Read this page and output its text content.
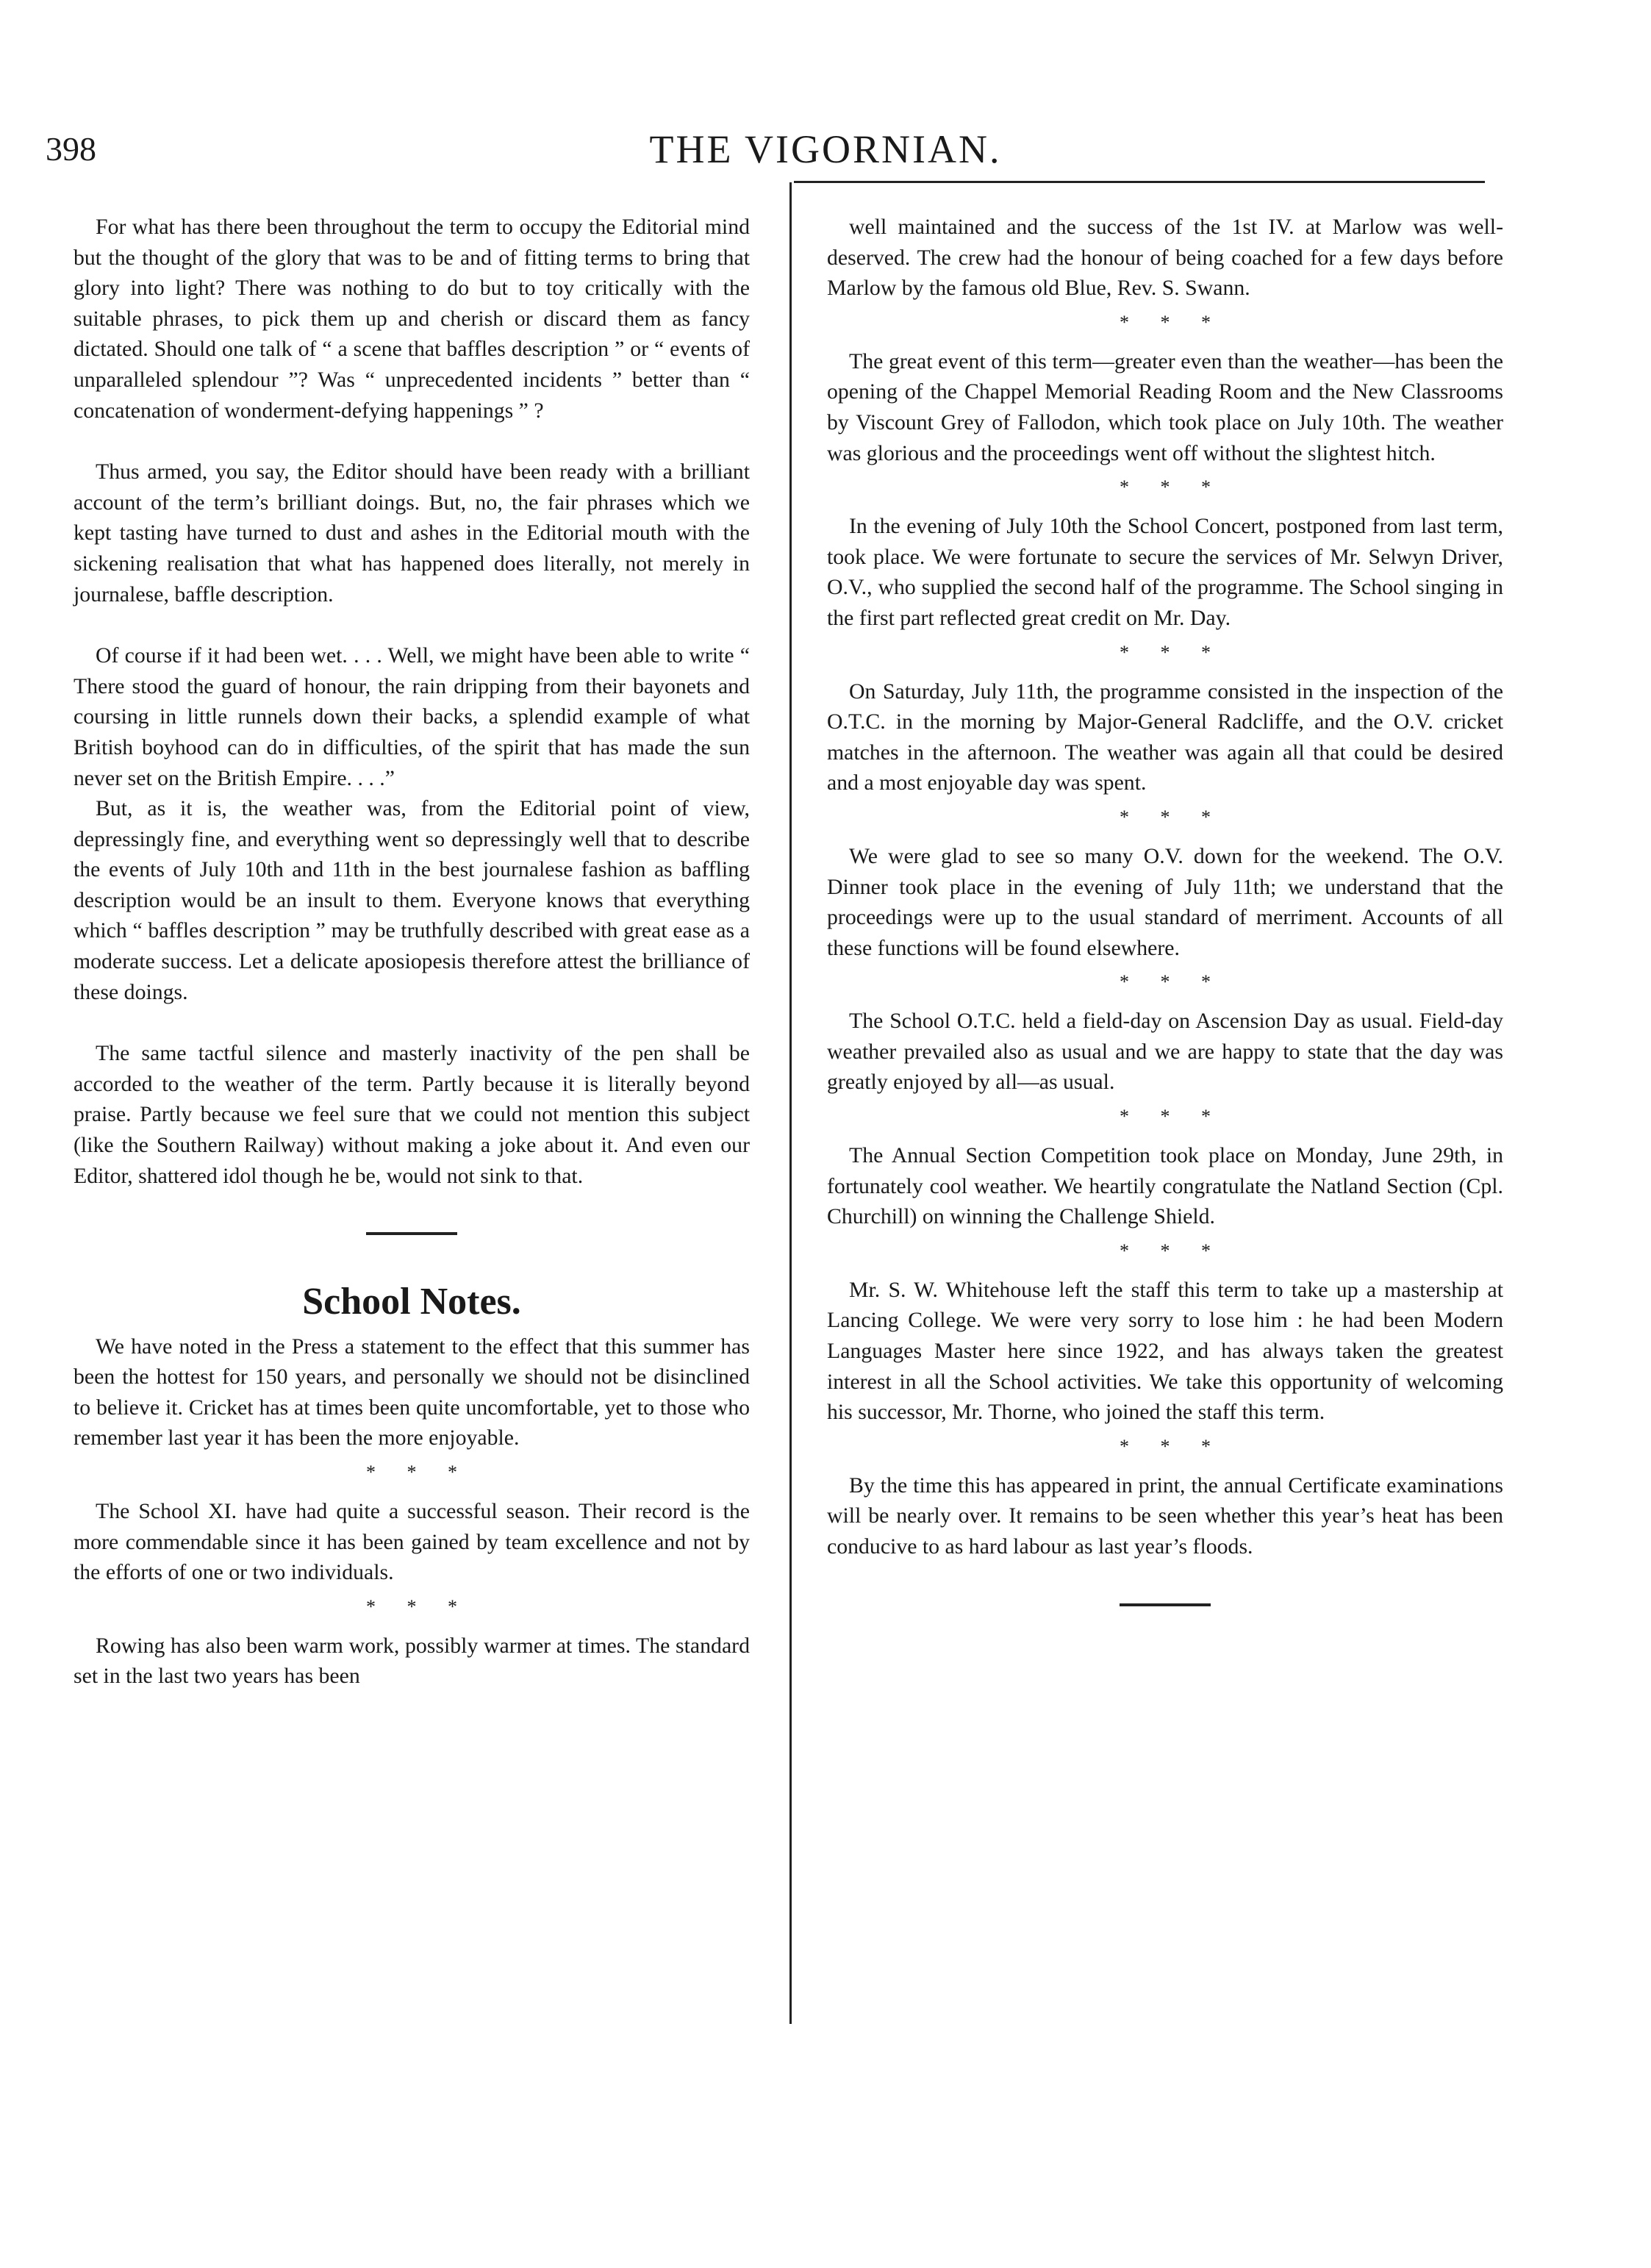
398	THE VIGORNIAN.

For what has there been throughout the term to occupy the Editorial mind but the thought of the glory that was to be and of fitting terms to bring that glory into light? There was nothing to do but to toy critically with the suitable phrases, to pick them up and cherish or discard them as fancy dictated. Should one talk of “ a scene that baffles description ” or “ events of unparalleled splendour ”? Was “ unprecedented incidents ” better than “ concatenation of wonderment-defying happenings ” ?

Thus armed, you say, the Editor should have been ready with a brilliant account of the term’s brilliant doings. But, no, the fair phrases which we kept tasting have turned to dust and ashes in the Editorial mouth with the sickening realisation that what has happened does literally, not merely in journalese, baffle description.

Of course if it had been wet. . . . Well, we might have been able to write “ There stood the guard of honour, the rain dripping from their bayonets and coursing in little runnels down their backs, a splendid example of what British boyhood can do in difficulties, of the spirit that has made the sun never set on the British Empire. . . .”

But, as it is, the weather was, from the Editorial point of view, depressingly fine, and everything went so depressingly well that to describe the events of July 10th and 11th in the best journalese fashion as baffling description would be an insult to them. Everyone knows that everything which “ baffles description ” may be truthfully described with great ease as a moderate success. Let a delicate aposiopesis therefore attest the brilliance of these doings.

The same tactful silence and masterly inactivity of the pen shall be accorded to the weather of the term. Partly because it is literally beyond praise. Partly because we feel sure that we could not mention this subject (like the Southern Railway) without making a joke about it. And even our Editor, shattered idol though he be, would not sink to that.

School Notes.

We have noted in the Press a statement to the effect that this summer has been the hottest for 150 years, and personally we should not be disinclined to believe it. Cricket has at times been quite uncomfortable, yet to those who remember last year it has been the more enjoyable.

* * *

The School XI. have had quite a successful season. Their record is the more commendable since it has been gained by team excellence and not by the efforts of one or two individuals.

* * *

Rowing has also been warm work, possibly warmer at times. The standard set in the last two years has been

well maintained and the success of the 1st IV. at Marlow was well-deserved. The crew had the honour of being coached for a few days before Marlow by the famous old Blue, Rev. S. Swann.

* * *

The great event of this term—greater even than the weather—has been the opening of the Chappel Memorial Reading Room and the New Classrooms by Viscount Grey of Fallodon, which took place on July 10th. The weather was glorious and the proceedings went off without the slightest hitch.

* * *

In the evening of July 10th the School Concert, postponed from last term, took place. We were fortunate to secure the services of Mr. Selwyn Driver, O.V., who supplied the second half of the programme. The School singing in the first part reflected great credit on Mr. Day.

* * *

On Saturday, July 11th, the programme consisted in the inspection of the O.T.C. in the morning by Major-General Radcliffe, and the O.V. cricket matches in the afternoon. The weather was again all that could be desired and a most enjoyable day was spent.

* * *

We were glad to see so many O.V. down for the weekend. The O.V. Dinner took place in the evening of July 11th; we understand that the proceedings were up to the usual standard of merriment. Accounts of all these functions will be found elsewhere.

* * *

The School O.T.C. held a field-day on Ascension Day as usual. Field-day weather prevailed also as usual and we are happy to state that the day was greatly enjoyed by all—as usual.

* * *

The Annual Section Competition took place on Monday, June 29th, in fortunately cool weather. We heartily congratulate the Natland Section (Cpl. Churchill) on winning the Challenge Shield.

* * *

Mr. S. W. Whitehouse left the staff this term to take up a mastership at Lancing College. We were very sorry to lose him : he had been Modern Languages Master here since 1922, and has always taken the greatest interest in all the School activities. We take this opportunity of welcoming his successor, Mr. Thorne, who joined the staff this term.

* * *

By the time this has appeared in print, the annual Certificate examinations will be nearly over. It remains to be seen whether this year’s heat has been conducive to as hard labour as last year’s floods.
